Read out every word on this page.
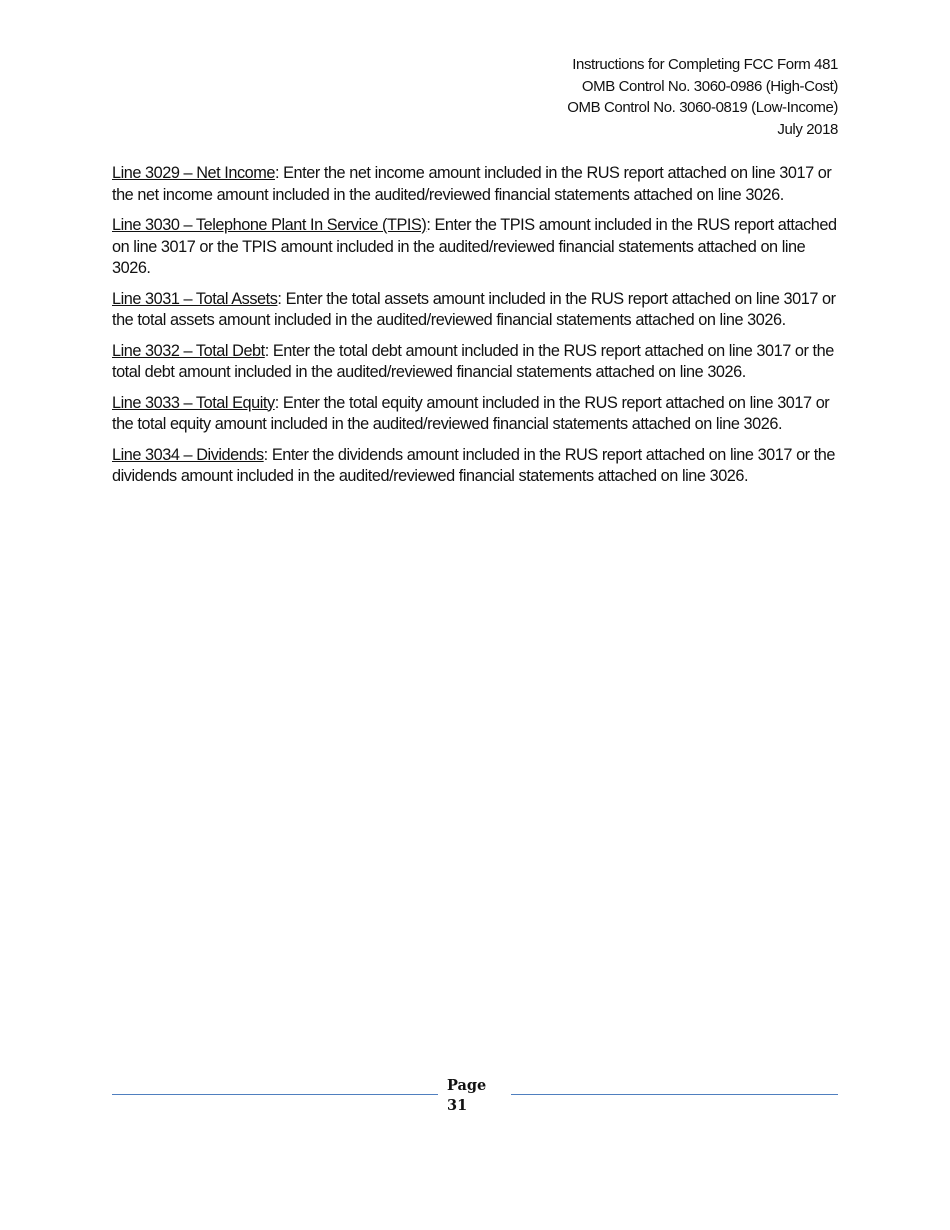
Instructions for Completing FCC Form 481
OMB Control No. 3060-0986 (High-Cost)
OMB Control No. 3060-0819 (Low-Income)
July 2018

Line 3029 – Net Income: Enter the net income amount included in the RUS report attached on line 3017 or the net income amount included in the audited/reviewed financial statements attached on line 3026.

Line 3030 – Telephone Plant In Service (TPIS): Enter the TPIS amount included in the RUS report attached on line 3017 or the TPIS amount included in the audited/reviewed financial statements attached on line 3026.

Line 3031 – Total Assets: Enter the total assets amount included in the RUS report attached on line 3017 or the total assets amount included in the audited/reviewed financial statements attached on line 3026.

Line 3032 – Total Debt: Enter the total debt amount included in the RUS report attached on line 3017 or the total debt amount included in the audited/reviewed financial statements attached on line 3026.

Line 3033 – Total Equity: Enter the total equity amount included in the RUS report attached on line 3017 or the total equity amount included in the audited/reviewed financial statements attached on line 3026.

Line 3034 – Dividends: Enter the dividends amount included in the RUS report attached on line 3017 or the dividends amount included in the audited/reviewed financial statements attached on line 3026.

Page
31
